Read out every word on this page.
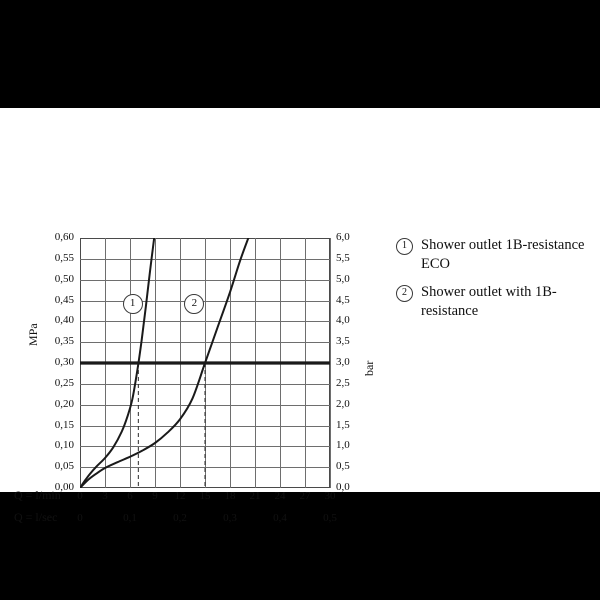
MPa
bar
Q = l/min
Q = l/sec
0 3 6 9 12 15 18 21 24 27 30
0	0,1	0,2	0,3	0,4	0,5
0,60	6,0
0,55	5,5
0,50	5,0
0,45	4,5
0,40	4,0
0,35	3,5
0,30	3,0
0,25	2,5
0,20	2,0
0,15	1,5
0,10	1,0
0,05	0,5
0,00	0,0
1	2
1 Shower outlet 1B-resistance ECO
2 Shower outlet with 1B-resistance
